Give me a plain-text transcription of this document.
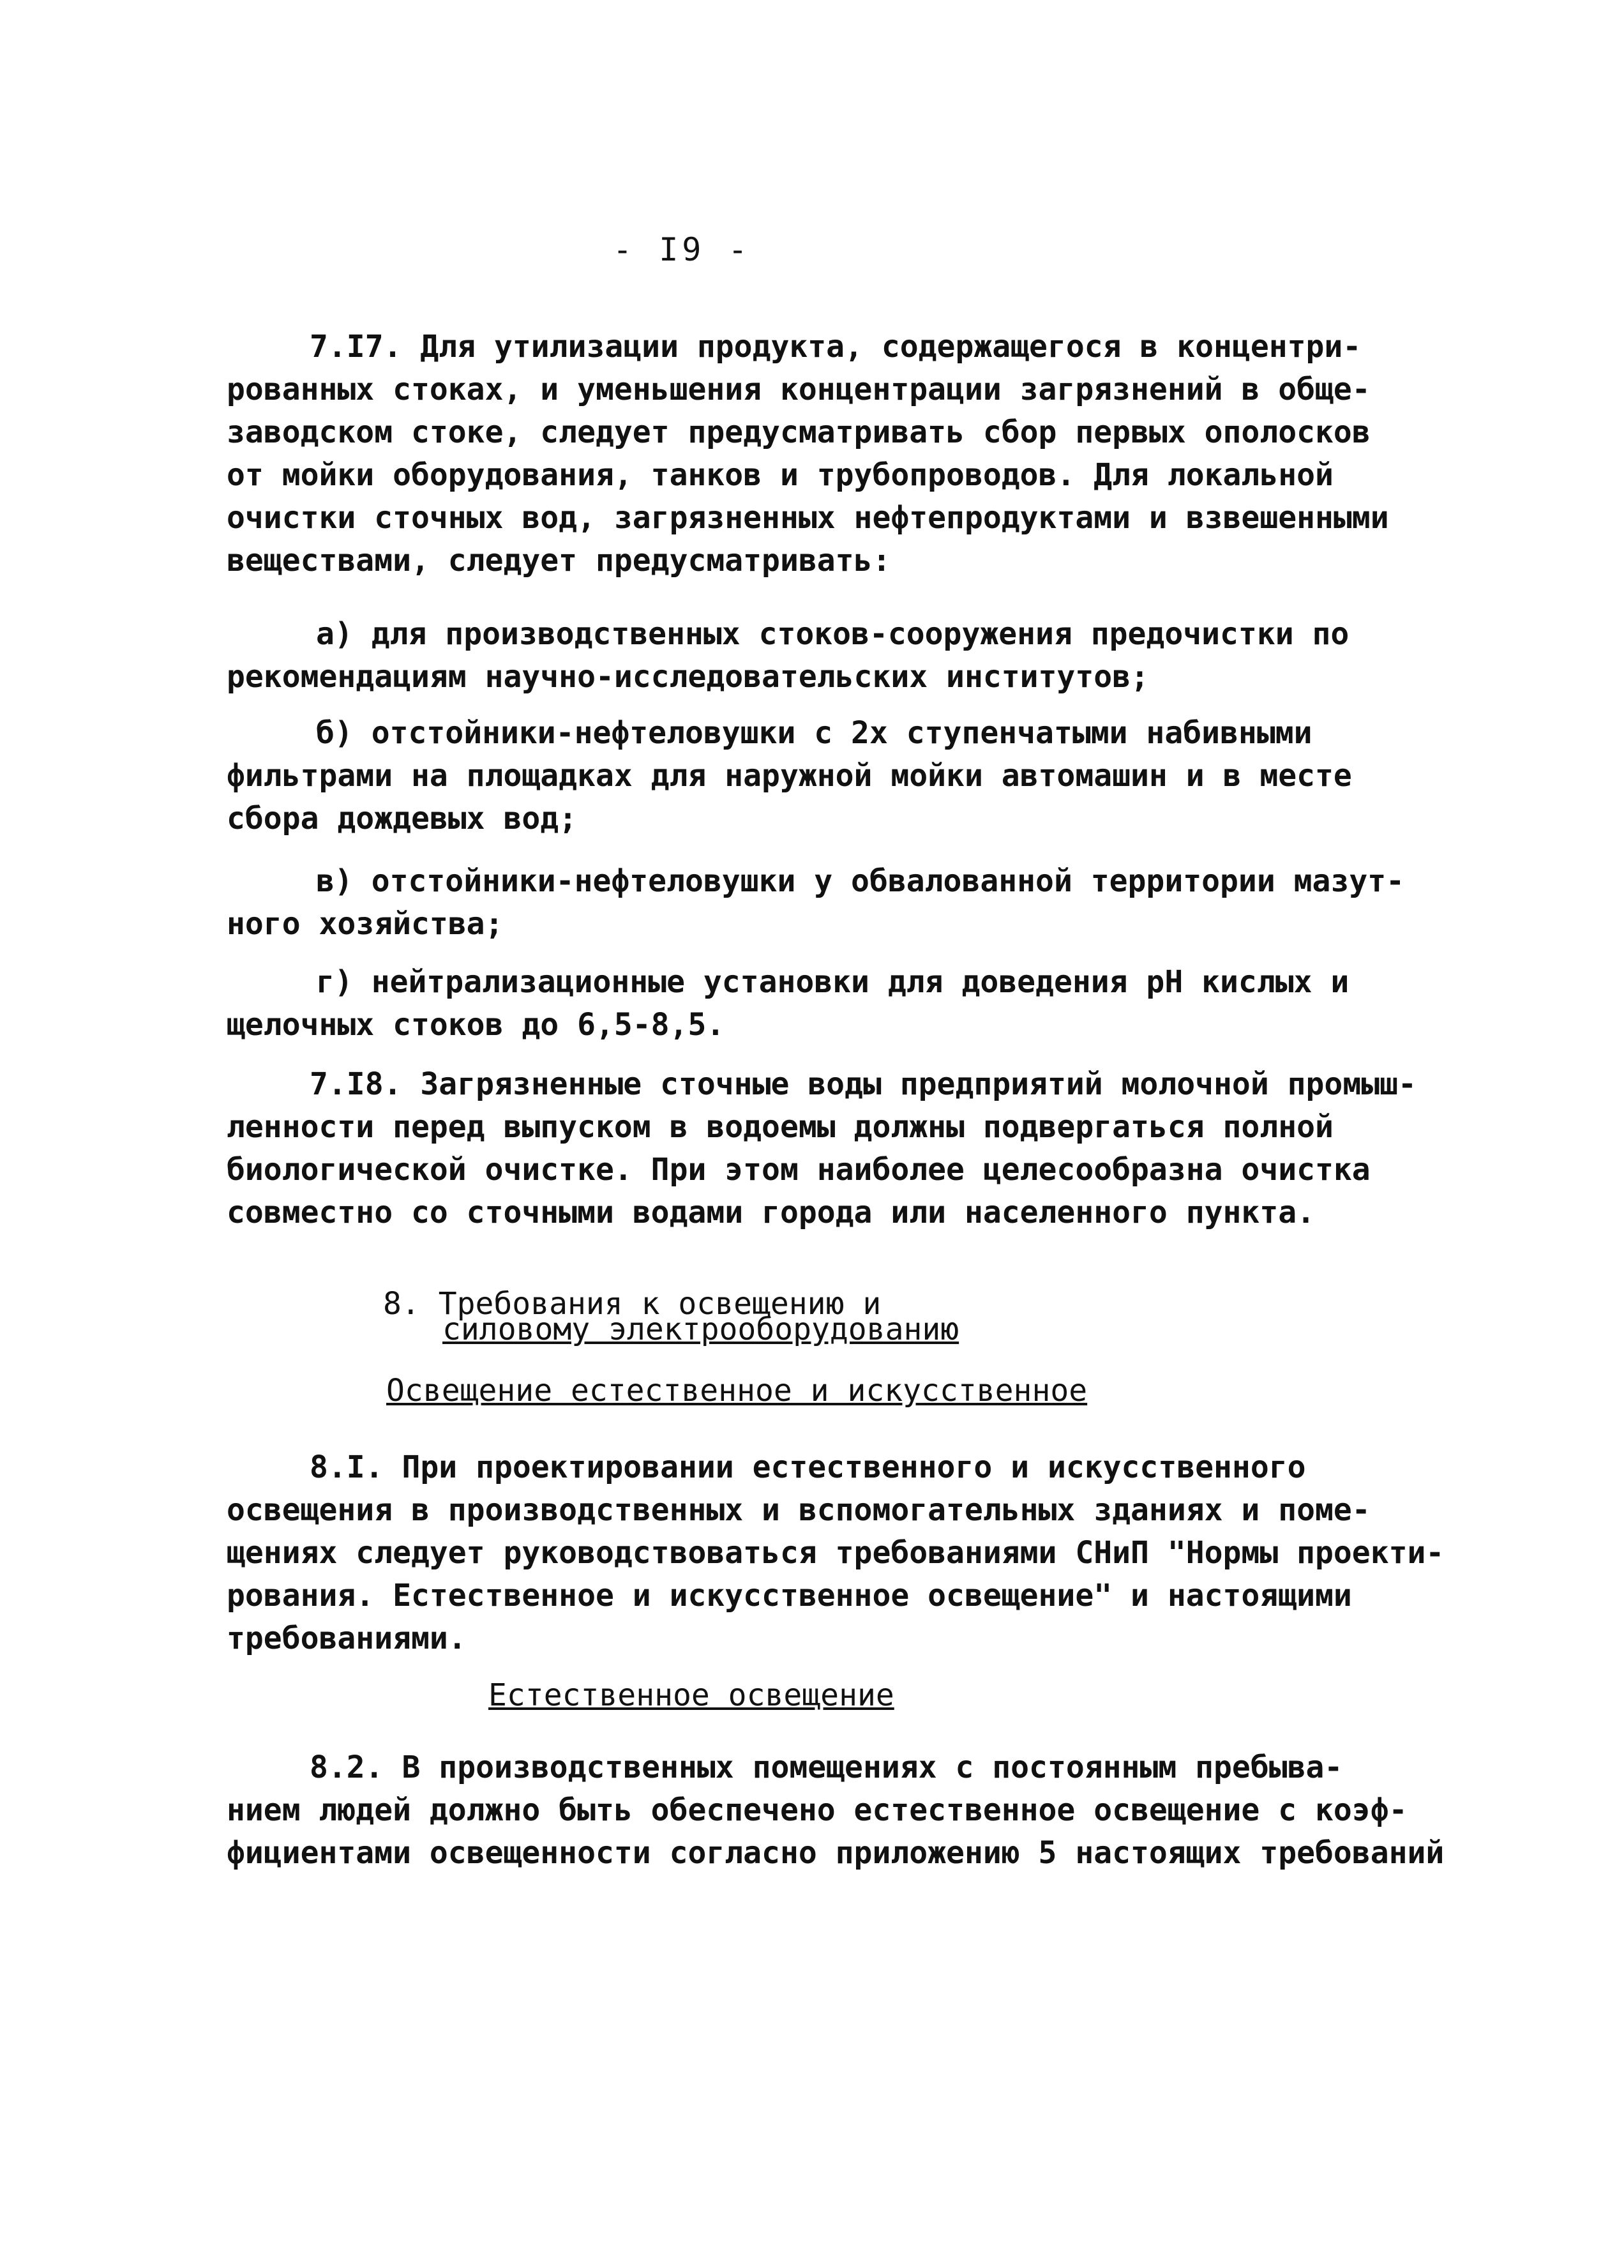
- I9 -
7.I7. Для утилизации продукта, содержащегося в концентри-
рованных стоках, и уменьшения концентрации загрязнений в обще-
заводском стоке, следует предусматривать сбор первых ополосков
от мойки оборудования, танков и трубопроводов. Для локальной
очистки сточных вод, загрязненных нефтепродуктами и взвешенными
веществами, следует предусматривать:
а) для производственных стоков-сооружения предочистки по
рекомендациям научно-исследовательских институтов;
б) отстойники-нефтеловушки с 2х ступенчатыми набивными
фильтрами на площадках для наружной мойки автомашин и в месте
сбора дождевых вод;
в) отстойники-нефтеловушки у обвалованной территории мазут-
ного хозяйства;
г) нейтрализационные установки для доведения рН кислых и
щелочных стоков до 6,5-8,5.
7.I8. Загрязненные сточные воды предприятий молочной промыш-
ленности перед выпуском в водоемы должны подвергаться полной
биологической очистке. При этом наиболее целесообразна очистка
совместно со сточными водами города или населенного пункта.
8. Требования к освещению и
силовому электрооборудованию
Освещение естественное и искусственное
8.I. При проектировании естественного и искусственного
освещения в производственных и вспомогательных зданиях и поме-
щениях следует руководствоваться требованиями СНиП "Нормы проекти-
рования. Естественное и искусственное освещение" и настоящими
требованиями.
Естественное освещение
8.2. В производственных помещениях с постоянным пребыва-
нием людей должно быть обеспечено естественное освещение с коэф-
фициентами освещенности согласно приложению 5 настоящих требований
